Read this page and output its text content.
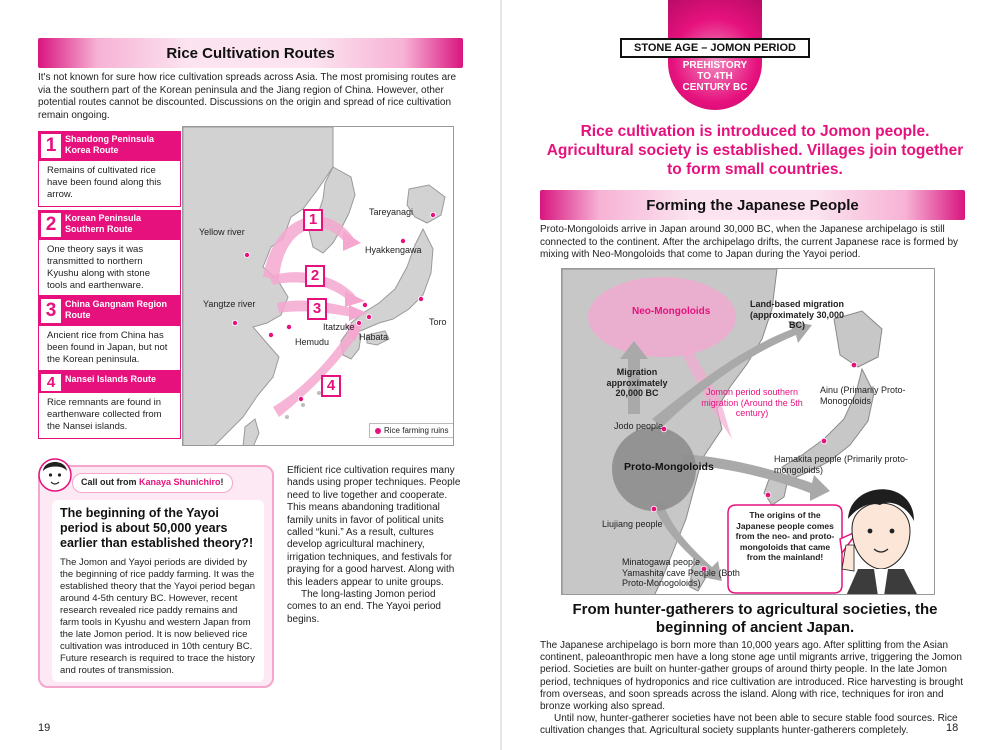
Rice Cultivation Routes

It's not known for sure how rice cultivation spreads across Asia. The most promising routes are via the southern part of the Korean peninsula and the Jiang region of China. However, other potential routes cannot be discounted. Discussions on the origin and spread of rice cultivation remain ongoing.

1 Shandong Peninsula Korea Route
Remains of cultivated rice have been found along this arrow.
2 Korean Peninsula Southern Route
One theory says it was transmitted to northern Kyushu along with stone tools and earthenware.
3 China Gangnam Region Route
Ancient rice from China has been found in Japan, but not the Korean peninsula.
4	Nansei Islands Route
Rice remnants are found in earthenware collected from the Nansei islands.
Yellow river
Yangtze river
Tareyanagi
Hyakkengawa
Itatzuke
Habata
Toro
Hemudu
1
2
3
4
Rice farming ruins
Call out from Kanaya Shunichiro!
The beginning of the Yayoi period is about 50,000 years earlier than established theory?!
The Jomon and Yayoi periods are divided by the beginning of rice paddy farming. It was the established theory that the Yayoi period began around 4-5th century BC. However, recent research revealed rice paddy remains and farm tools in Kyushu and western Japan from the late Jomon period. It is now believed rice cultivation was introduced in 10th century BC. Future research is required to trace the history and routes of transmission.

Efficient rice cultivation requires many hands using proper techniques. People need to live together and cooperate. This means abandoning traditional family units in favor of political units called “kuni.” As a result, cultures develop agricultural machinery, irrigation techniques, and festivals for praying for a good harvest. Along with this leaders appear to unite groups.

The long-lasting Jomon period comes to an end. The Yayoi period begins.

19
STONE AGE – JOMON PERIOD
PREHISTORY
TO 4TH
CENTURY BC
Rice cultivation is introduced to Jomon people. Agricultural society is established. Villages join together to form small countries.
Forming the Japanese People

Proto-Mongoloids arrive in Japan around 30,000 BC, when the Japanese archipelago is still connected to the continent. After the archipelago drifts, the current Japanese race is formed by mixing with Neo-Mongoloids that come to Japan during the Yayoi period.

Neo-Mongoloids
Proto-Mongoloids
Land-based migration (approximately 30,000 BC)
Migration approximately 20,000 BC	Jomon period southern migration (Around the 5th century)
Ainu (Primarily Proto-Monogoloids
Jodo people
Hamakita people (Primarily proto-mongoloids)
Liujiang people
Minatogawa people Yamashita cave People (Both Proto-Monogoloids)
The origins of the Japanese people comes from the neo- and proto-mongoloids that came from the mainland!
From hunter-gatherers to agricultural societies, the beginning of ancient Japan.

The Japanese archipelago is born more than 10,000 years ago. After splitting from the Asian continent, paleoanthropic men have a long stone age until migrants arrive, triggering the Jomon period. Societies are built on hunter-gather groups of around thirty people. In the late Jomon period, techniques of hydroponics and rice cultivation are introduced. Rice harvesting is brought from overseas, and soon spreads across the island. Along with rice, techniques for iron and bronze working also spread.

Until now, hunter-gatherer societies have not been able to secure stable food sources. Rice cultivation changes that. Agricultural society supplants hunter-gatherers completely.	18
